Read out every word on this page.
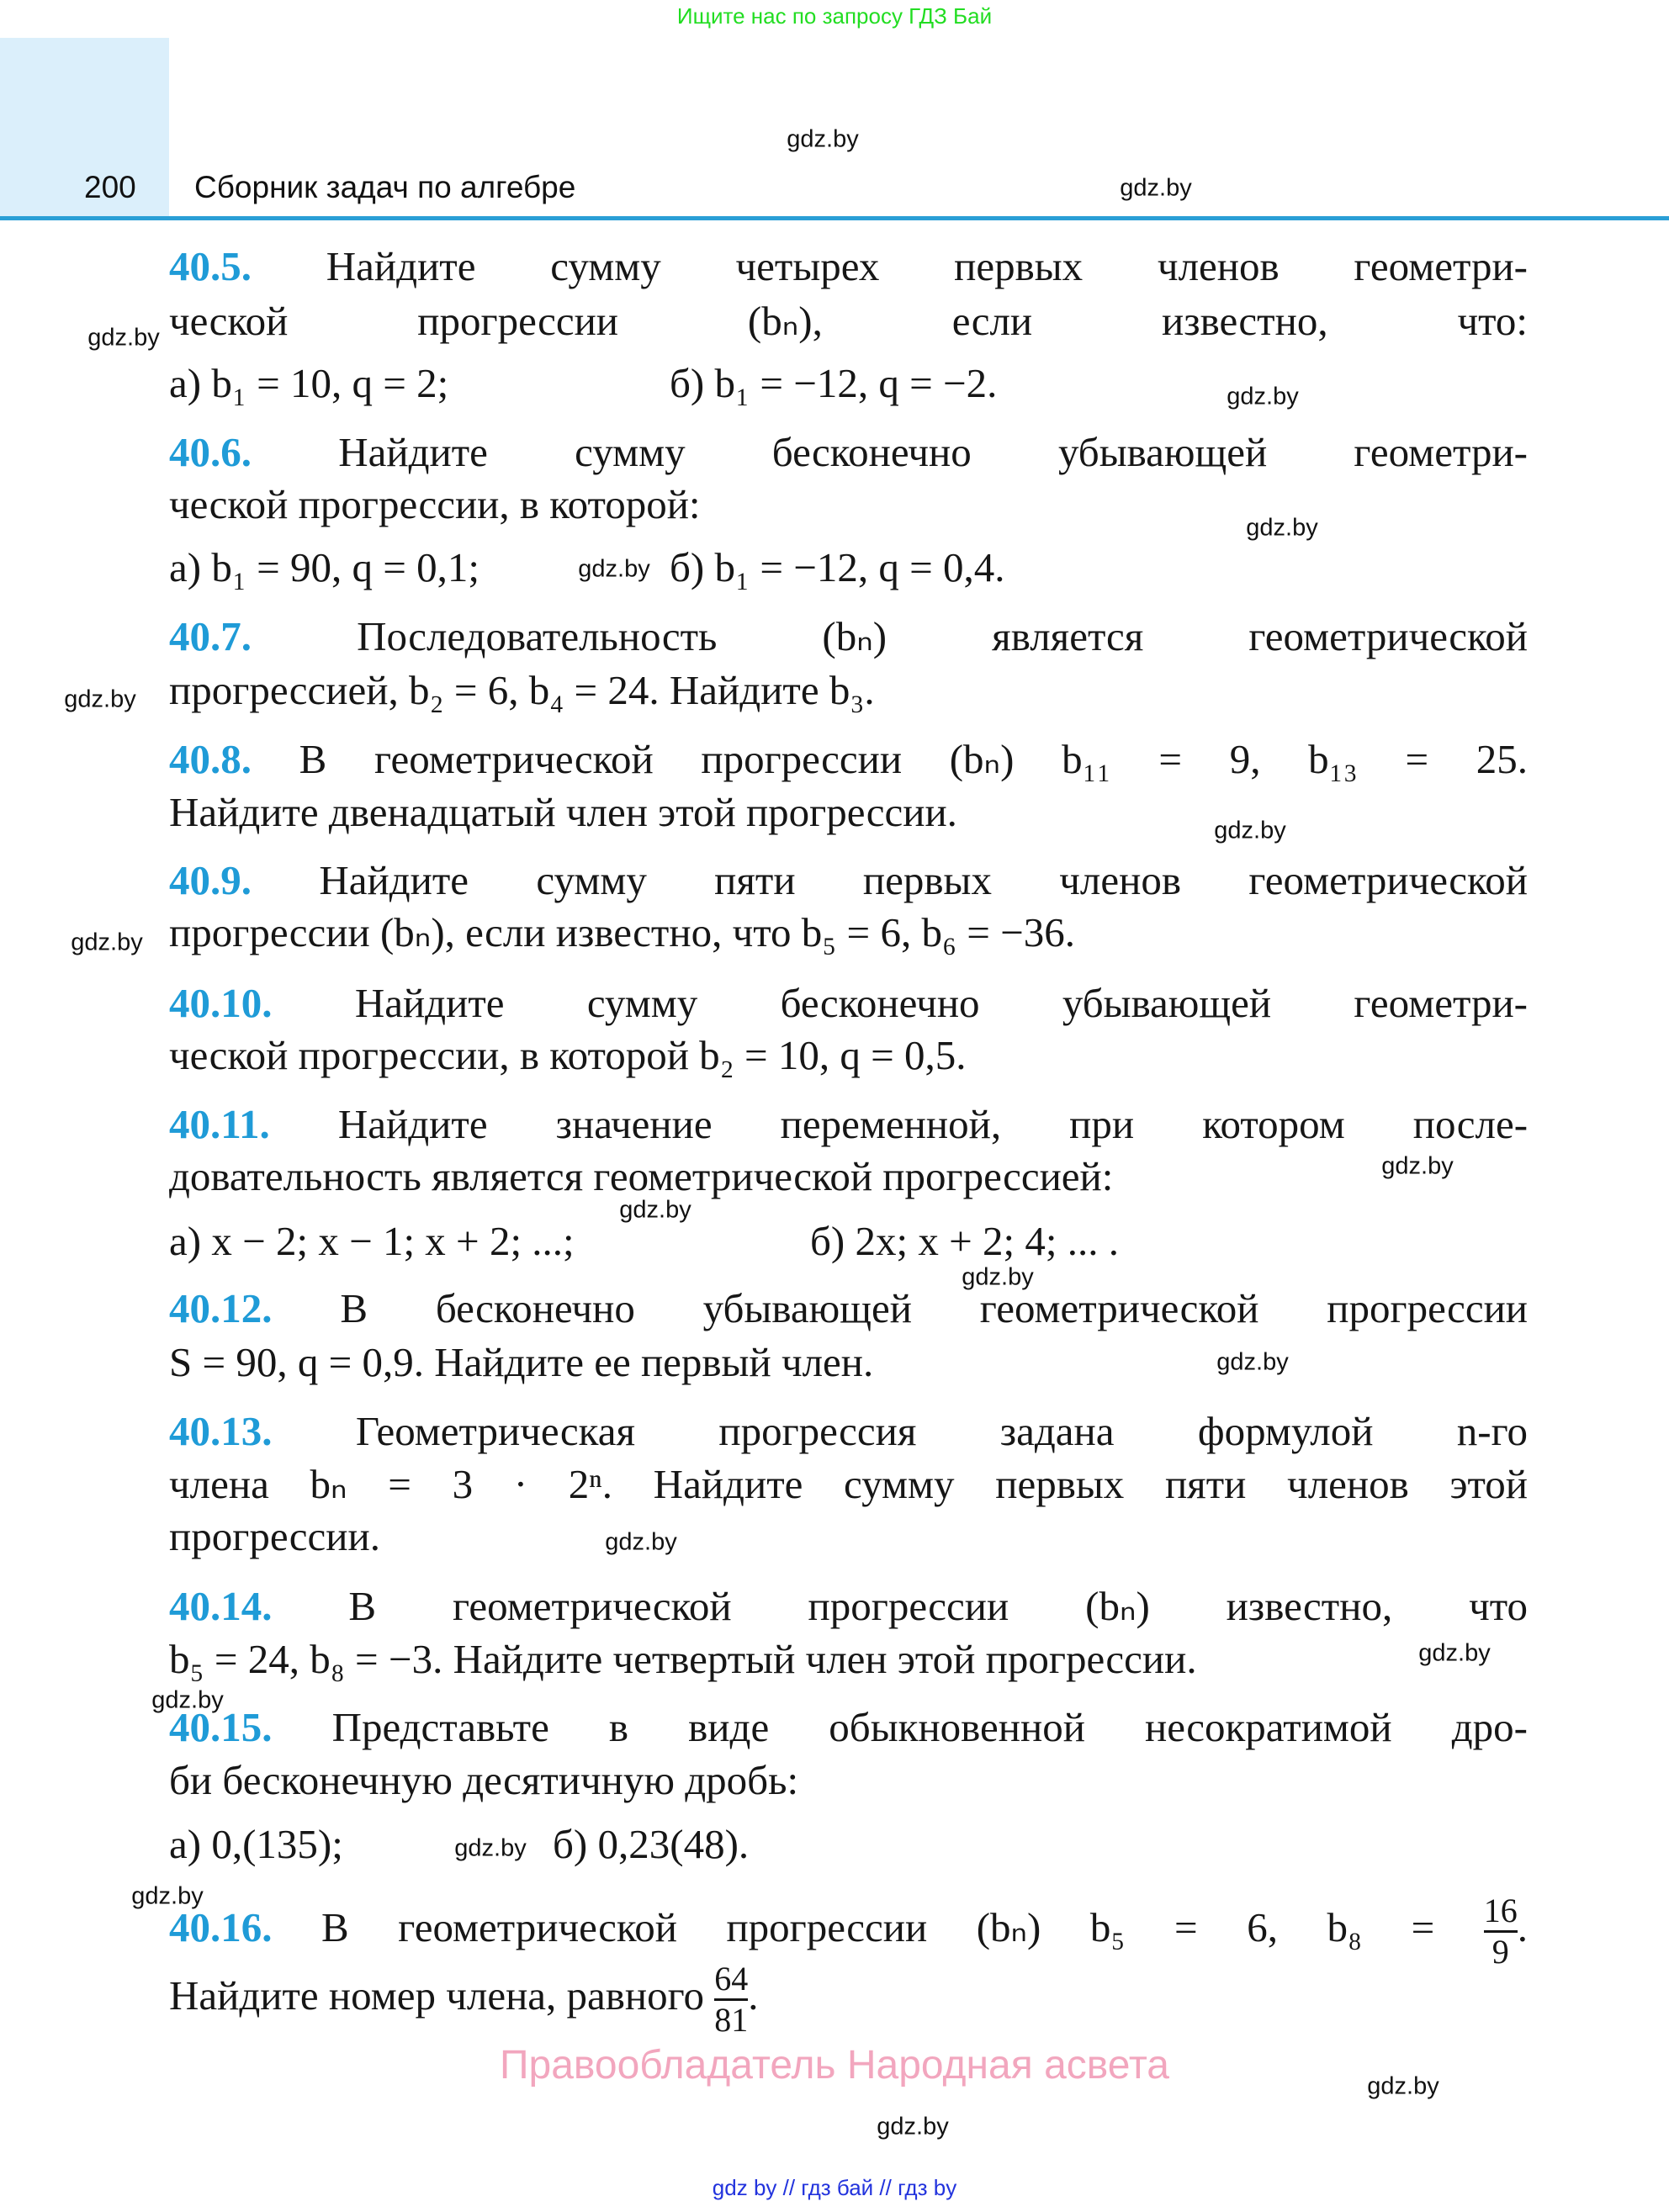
Ищите нас по запросу ГДЗ Бай
200 Сборник задач по алгебре
40.5. Найдите сумму четырех первых членов геометри-
ческой прогрессии (bₙ), если известно, что:
а) b₁ = 10, q = 2;	б) b₁ = −12, q = −2.
40.6. Найдите сумму бесконечно убывающей геометри-
ческой прогрессии, в которой:
а) b₁ = 90, q = 0,1;	б) b₁ = −12, q = 0,4.
40.7.	Последовательность (bₙ) является геометрической
прогрессией, b₂ = 6, b₄ = 24. Найдите b₃.
40.8. В геометрической прогрессии (bₙ) b₁₁ = 9, b₁₃ = 25.
Найдите двенадцатый член этой прогрессии.
40.9. Найдите сумму пяти первых членов геометрической
прогрессии (bₙ), если известно, что b₅ = 6, b₆ = −36.
40.10. Найдите сумму бесконечно убывающей геометри-
ческой прогрессии, в которой b₂ = 10, q = 0,5.
40.11. Найдите значение переменной, при котором после-
довательность является геометрической прогрессией:
а) x − 2; x − 1; x + 2; ...;	б) 2x; x + 2; 4; ... .
40.12. В бесконечно убывающей геометрической прогрессии
S = 90, q = 0,9. Найдите ее первый член.
40.13. Геометрическая прогрессия задана формулой n-го
члена bₙ = 3 · 2ⁿ. Найдите сумму первых пяти членов этой
прогрессии.
40.14. В геометрической прогрессии (bₙ) известно, что
b₅ = 24, b₈ = −3. Найдите четвертый член этой прогрессии.
40.15. Представьте в виде обыкновенной несократимой дро-
би бесконечную десятичную дробь:
а) 0,(135);	б) 0,23(48).
40.16. В геометрической прогрессии (bₙ) b₅ = 6, $b_8 = \frac{16}{9}$ .
Найдите номер члена, равного $\frac{64}{81}$ .
gdz.by
gdz.by
gdz.by
gdz.by
gdz.by
gdz.by
gdz.by
gdz.by
gdz.by
gdz.by
gdz.by
gdz.by
gdz.by
gdz.by
gdz.by
gdz.by
gdz.by
gdz.by
gdz.by
gdz.by
Правообладатель Народная асвета
gdz by // гдз бай // гдз by
